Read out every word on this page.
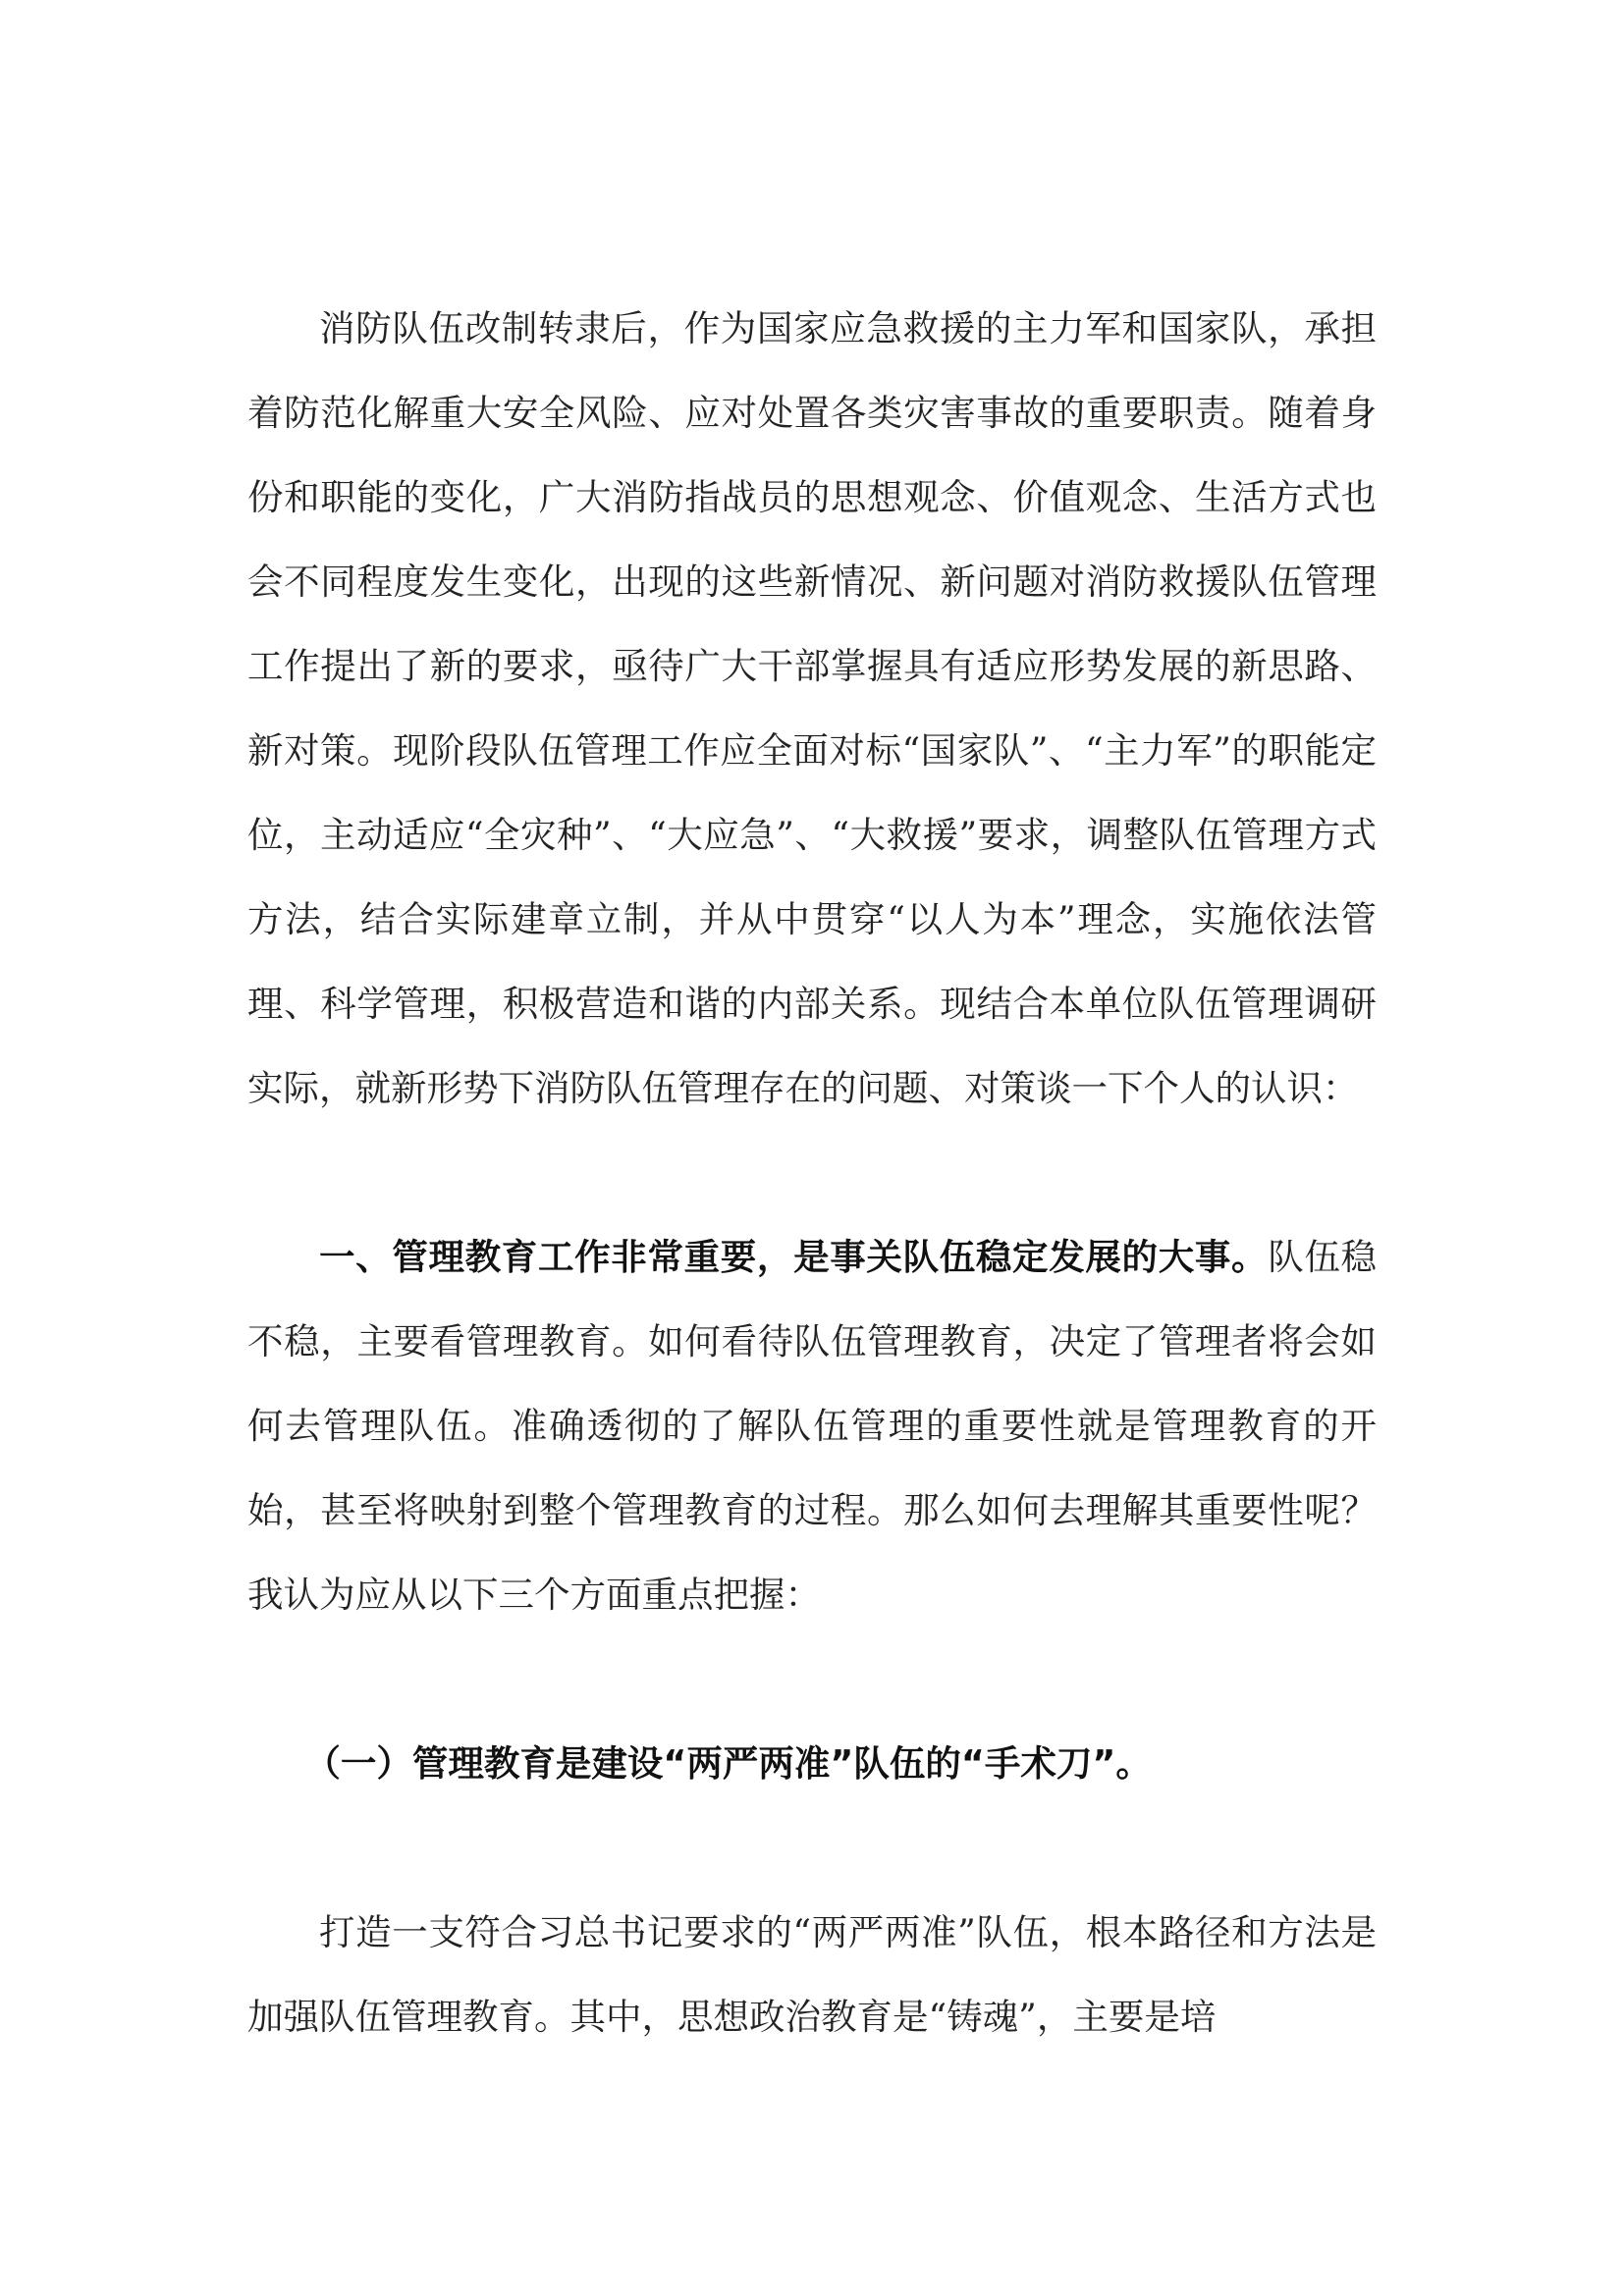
消防队伍改制转隶后，作为国家应急救援的主力军和国家队，承担着防范化解重大安全风险、应对处置各类灾害事故的重要职责。随着身份和职能的变化，广大消防指战员的思想观念、价值观念、生活方式也会不同程度发生变化，出现的这些新情况、新问题对消防救援队伍管理工作提出了新的要求，亟待广大干部掌握具有适应形势发展的新思路、新对策。现阶段队伍管理工作应全面对标“国家队”、“主力军”的职能定位，主动适应“全灾种”、“大应急”、“大救援”要求，调整队伍管理方式方法，结合实际建章立制，并从中贯穿“以人为本”理念，实施依法管理、科学管理，积极营造和谐的内部关系。现结合本单位队伍管理调研实际，就新形势下消防队伍管理存在的问题、对策谈一下个人的认识：

一、管理教育工作非常重要，是事关队伍稳定发展的大事。队伍稳不稳，主要看管理教育。如何看待队伍管理教育，决定了管理者将会如何去管理队伍。准确透彻的了解队伍管理的重要性就是管理教育的开始，甚至将映射到整个管理教育的过程。那么如何去理解其重要性呢？我认为应从以下三个方面重点把握：

（一）管理教育是建设“两严两准”队伍的“手术刀”。

打造一支符合习总书记要求的“两严两准”队伍，根本路径和方法是加强队伍管理教育。其中，思想政治教育是“铸魂”，主要是培
